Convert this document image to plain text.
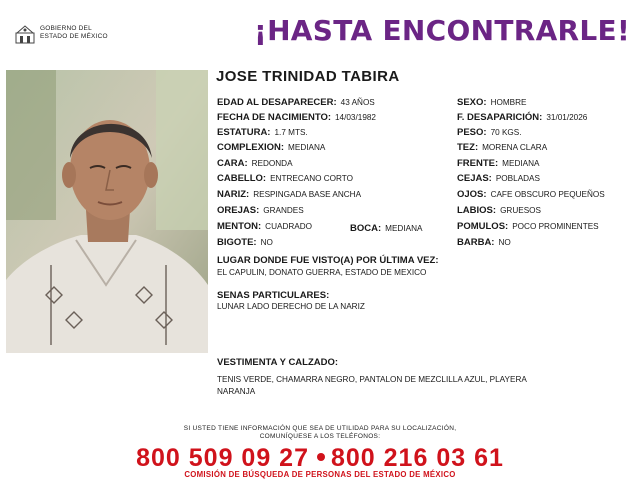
GOBIERNO DEL
ESTADO DE MÉXICO	¡HASTA ENCONTRARLE!
JOSE TRINIDAD TABIRA
EDAD AL DESAPARECER: 43 AÑOS
FECHA DE NACIMIENTO: 14/03/1982
ESTATURA: 1.7 MTS.
COMPLEXION: MEDIANA
CARA: REDONDA
CABELLO: ENTRECANO CORTO
NARIZ: RESPINGADA BASE ANCHA
OREJAS: GRANDES
MENTON: CUADRADO	BOCA: MEDIANA
BIGOTE: NO
SEXO: HOMBRE
F. DESAPARICIÓN: 31/01/2026
PESO: 70 KGS.
TEZ: MORENA CLARA
FRENTE: MEDIANA
CEJAS: POBLADAS
OJOS: CAFE OBSCURO PEQUEÑOS
LABIOS: GRUESOS
POMULOS: POCO PROMINENTES
BARBA: NO
LUGAR DONDE FUE VISTO(A) POR ÚLTIMA VEZ:
EL CAPULIN, DONATO GUERRA, ESTADO DE MEXICO
SENAS PARTICULARES:
LUNAR LADO DERECHO DE LA NARIZ
VESTIMENTA Y CALZADO:
TENIS VERDE, CHAMARRA NEGRO, PANTALON DE MEZCLILLA AZUL, PLAYERA
NARANJA
SI USTED TIENE INFORMACIÓN QUE SEA DE UTILIDAD PARA SU LOCALIZACIÓN,
COMUNÍQUESE A LOS TELÉFONOS:
800 509 09 27 800 216 03 61
COMISIÓN DE BÚSQUEDA DE PERSONAS DEL ESTADO DE MÉXICO
